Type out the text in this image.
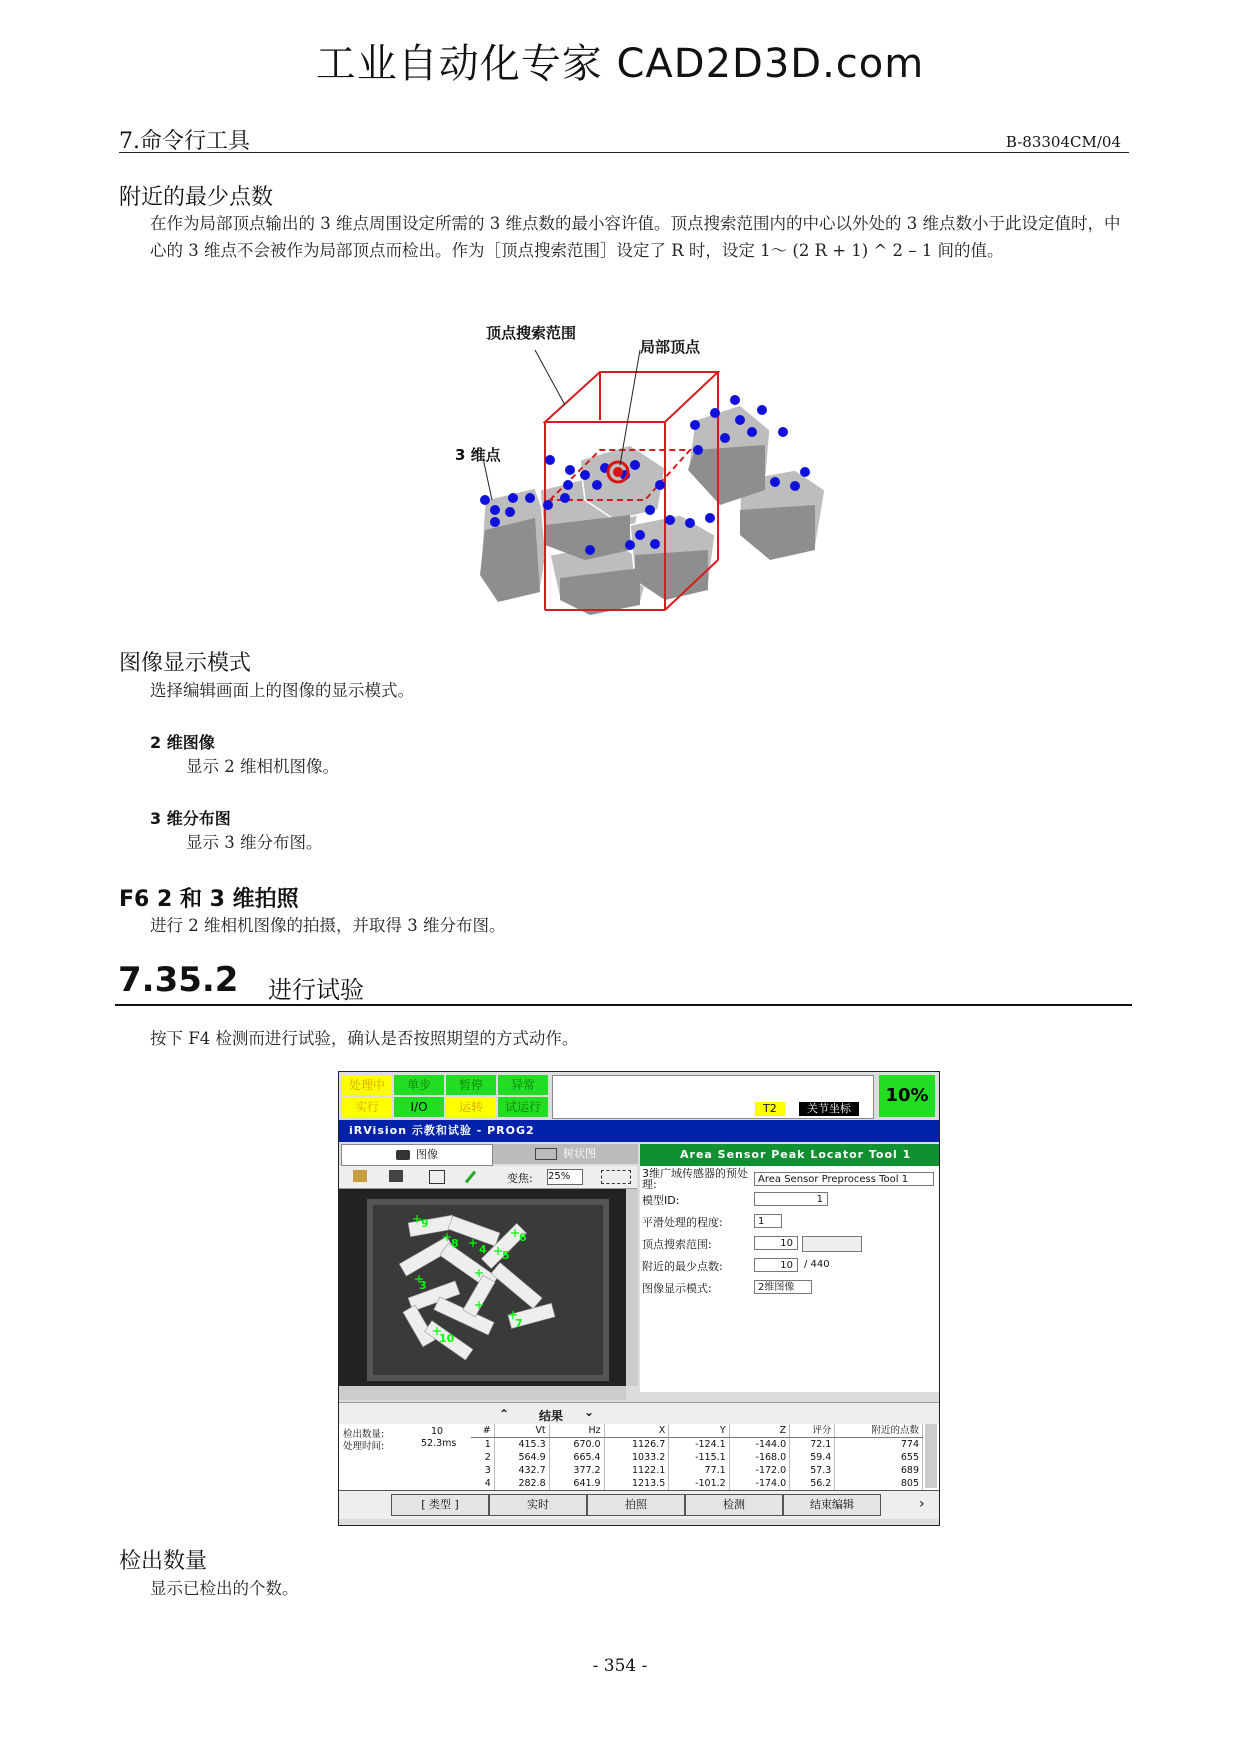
工业自动化专家 CAD2D3D.com
7.命令行工具	B-83304CM/04
附近的最少点数
在作为局部顶点输出的 3 维点周围设定所需的 3 维点数的最小容许值。顶点搜索范围内的中心以外处的 3 维点数小于此设定值时，中心的 3 维点不会被作为局部顶点而检出。作为［顶点搜索范围］设定了 R 时，设定 1～ (2 R + 1) ^ 2 – 1 间的值。
顶点搜索范围
局部顶点
3 维点
图像显示模式
选择编辑画面上的图像的显示模式。
2 维图像
显示 2 维相机图像。
3 维分布图
显示 3 维分布图。
F6 2 和 3 维拍照
进行 2 维相机图像的拍摄，并取得 3 维分布图。
7.35.2 进行试验
按下 F4 检测而进行试验，确认是否按照期望的方式动作。
处理中	单步	暂停	异常
实行	I/O	运转	试运行	T2	关节坐标
10%
iRVision 示教和试验 - PROG2
图像	树状图	Area Sensor Peak Locator Tool 1
变焦: 25%
9
8 4 5
3
7
6
10
3维广域传感器的预处理:	Area Sensor Preprocess Tool 1
模型ID:	1
平滑处理的程度:	1
顶点搜索范围:	10
附近的最少点数:	10	/ 440
图像显示模式:	2维图像
⌃ 结果 ⌄
检出数量:	10
处理时间:	52.3ms
#	Vt	Hz	X	Y	Z	评分	附近的点数
1	415.3	670.0	1126.7	-124.1	-144.0	72.1	774
2	564.9	665.4	1033.2	-115.1	-168.0	59.4	655
3	432.7	377.2	1122.1	77.1	-172.0	57.3	689
4	282.8	641.9	1213.5	-101.2	-174.0	56.2	805
[ 类型 ]	实时	拍照	检测	结束编辑	›
检出数量
显示已检出的个数。
- 354 -
